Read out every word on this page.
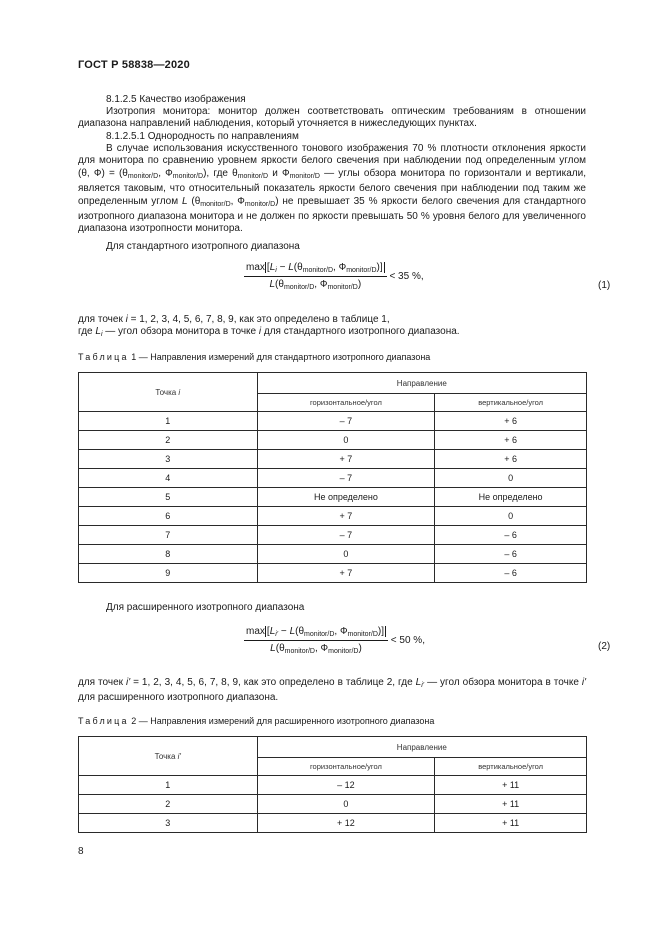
ГОСТ Р 58838—2020
8.1.2.5 Качество изображения
Изотропия монитора: монитор должен соответствовать оптическим требованиям в отношении диапазона направлений наблюдения, который уточняется в нижеследующих пунктах.
8.1.2.5.1 Однородность по направлениям
В случае использования искусственного тонового изображения 70 % плотности отклонения яркости для монитора по сравнению уровнем яркости белого свечения при наблюдении под определенным углом (θ, $Ф) = (\theta_{monitor/D}$, $Ф_{monitor/D}$), где $\theta_{monitor/D}$ и $Ф_{monitor/D}$ — углы обзора монитора по горизонтали и вертикали, является таковым, что относительный показатель яркости белого свечения при наблюдении под таким же определенным углом L ($\theta_{monitor/D}$, $Ф_{monitor/D}$) не превышает 35 % яркости белого свечения для стандартного изотропного диапазона монитора и не должен по яркости превышать 50 % уровня белого для увеличенного диапазона изотропности монитора.
Для стандартного изотропного диапазона
$\frac{\max [L_i - L(\theta_{monitor/D}, Ф_{monitor/D})]}{L(\theta_{monitor/D}, Ф_{monitor/D})} < 35$ %,
(1)
для точек i = 1, 2, 3, 4, 5, 6, 7, 8, 9, как это определено в таблице 1,
где $L_i$ — угол обзора монитора в точке i для стандартного изотропного диапазона.
Таблица 1 — Направления измерений для стандартного изотропного диапазона
Точка i	Направление	
	горизонтальное/угол	вертикальное/угол
1	– 7	+ 6
2	0	+ 6
3	+ 7	+ 6
4	– 7	0
5	Не определено	Не определено
6	+ 7	0
7	– 7	– 6
8	0	– 6
9	+ 7	– 6
Для расширенного изотропного диапазона
$\frac{\max [L_{i'} - L(\theta_{monitor/D}, Ф_{monitor/D})]}{L(\theta_{monitor/D}, Ф_{monitor/D})} < 50$ %,
(2)
для точек i' = 1, 2, 3, 4, 5, 6, 7, 8, 9, как это определено в таблице 2, где $L_{i'}$ — угол обзора монитора в точке i' для расширенного изотропного диапазона.
Таблица 2 — Направления измерений для расширенного изотропного диапазона
Точка i'	Направление	
	горизонтальное/угол	вертикальное/угол
1	– 12	+ 11
2	0	+ 11
3	+ 12	+ 11
8
